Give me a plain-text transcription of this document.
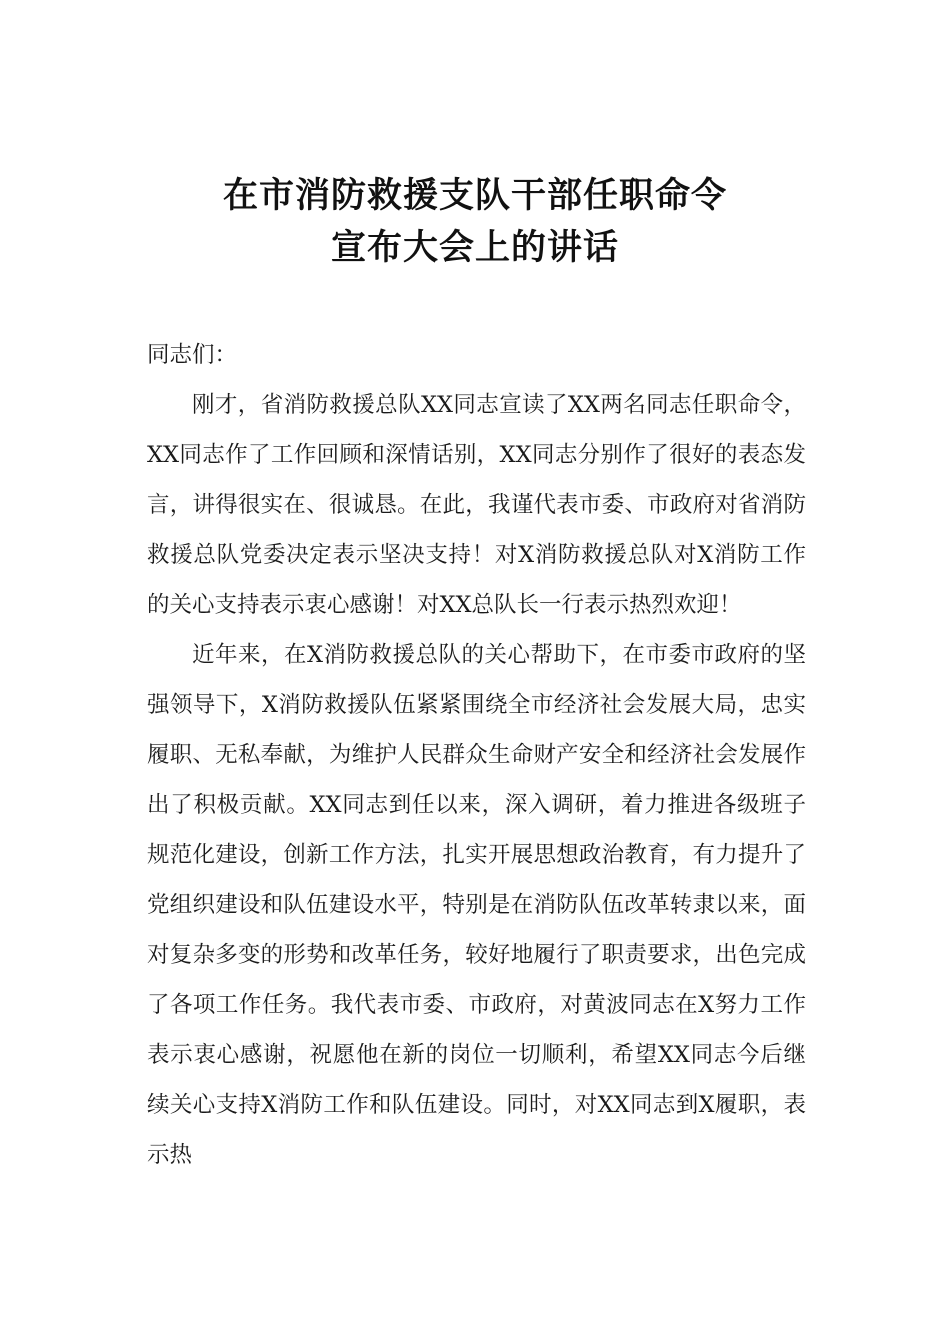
在市消防救援支队干部任职命令
宣布大会上的讲话

同志们：

刚才，省消防救援总队XX同志宣读了XX两名同志任职命令，XX同志作了工作回顾和深情话别，XX同志分别作了很好的表态发言，讲得很实在、很诚恳。在此，我谨代表市委、市政府对省消防救援总队党委决定表示坚决支持！对X消防救援总队对X消防工作的关心支持表示衷心感谢！对XX总队长一行表示热烈欢迎！

近年来，在X消防救援总队的关心帮助下，在市委市政府的坚强领导下，X消防救援队伍紧紧围绕全市经济社会发展大局，忠实履职、无私奉献，为维护人民群众生命财产安全和经济社会发展作出了积极贡献。XX同志到任以来，深入调研，着力推进各级班子规范化建设，创新工作方法，扎实开展思想政治教育，有力提升了党组织建设和队伍建设水平，特别是在消防队伍改革转隶以来，面对复杂多变的形势和改革任务，较好地履行了职责要求，出色完成了各项工作任务。我代表市委、市政府，对黄波同志在X努力工作表示衷心感谢，祝愿他在新的岗位一切顺利，希望XX同志今后继续关心支持X消防工作和队伍建设。同时，对XX同志到X履职，表示热
